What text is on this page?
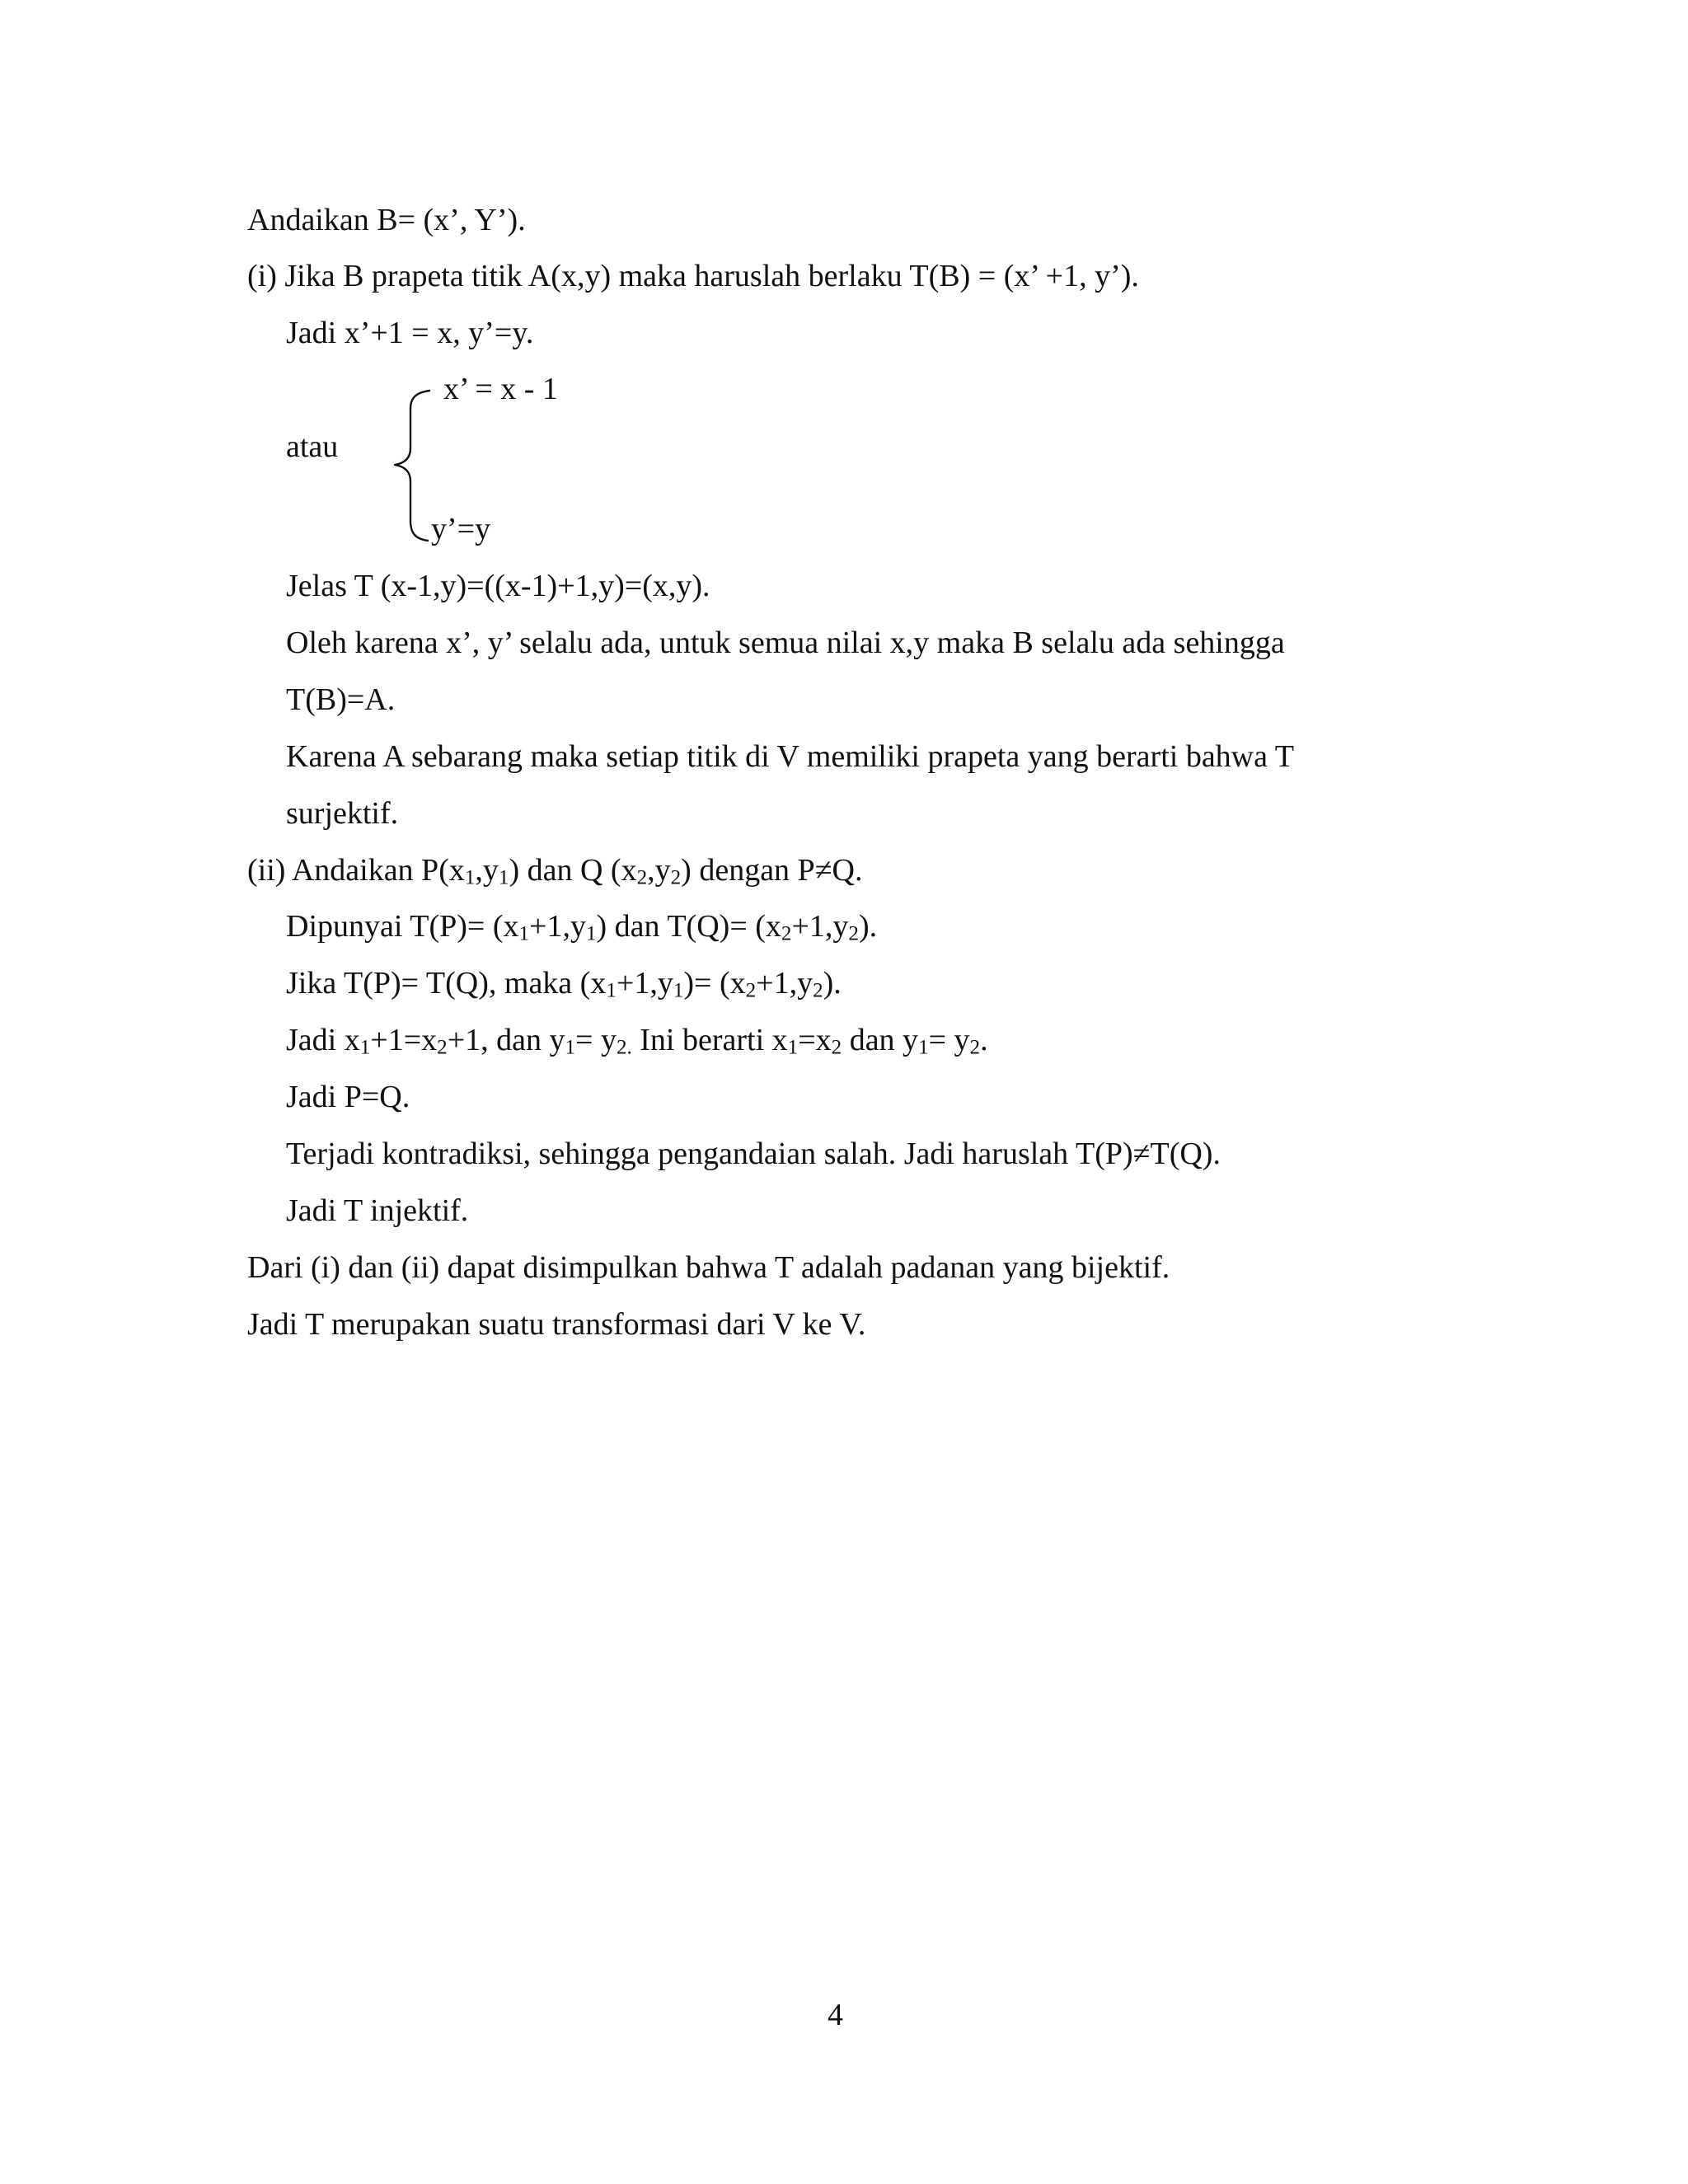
Andaikan B= (x’, Y’).
(i) Jika B prapeta titik A(x,y) maka haruslah berlaku T(B) = (x’ +1, y’).
Jadi x’+1 = x, y’=y.
x’ = x - 1
atau
y’=y
Jelas T (x-1,y)=((x-1)+1,y)=(x,y).
Oleh karena x’, y’ selalu ada, untuk semua nilai x,y maka B selalu ada sehingga
T(B)=A.
Karena A sebarang maka setiap titik di V memiliki prapeta yang berarti bahwa T
surjektif.
(ii) Andaikan $P(x_1,y_1)$ dan Q $(x_2,y_2)$ dengan P≠Q.
Dipunyai $T(P)= (x_1+1,y_1)$ dan $T(Q)= (x_2+1,y_2)$.
Jika T(P)= T(Q), maka $(x_1+1,y_1)= (x_2+1,y_2)$.
Jadi $x_1+1=x_2+1$, dan $y_1= y_{2.}$ Ini berarti $x_1=x_2$ dan $y_1= y_2$.
Jadi P=Q.
Terjadi kontradiksi, sehingga pengandaian salah. Jadi haruslah T(P)≠T(Q).
Jadi T injektif.
Dari (i) dan (ii) dapat disimpulkan bahwa T adalah padanan yang bijektif.
Jadi T merupakan suatu transformasi dari V ke V.
4
